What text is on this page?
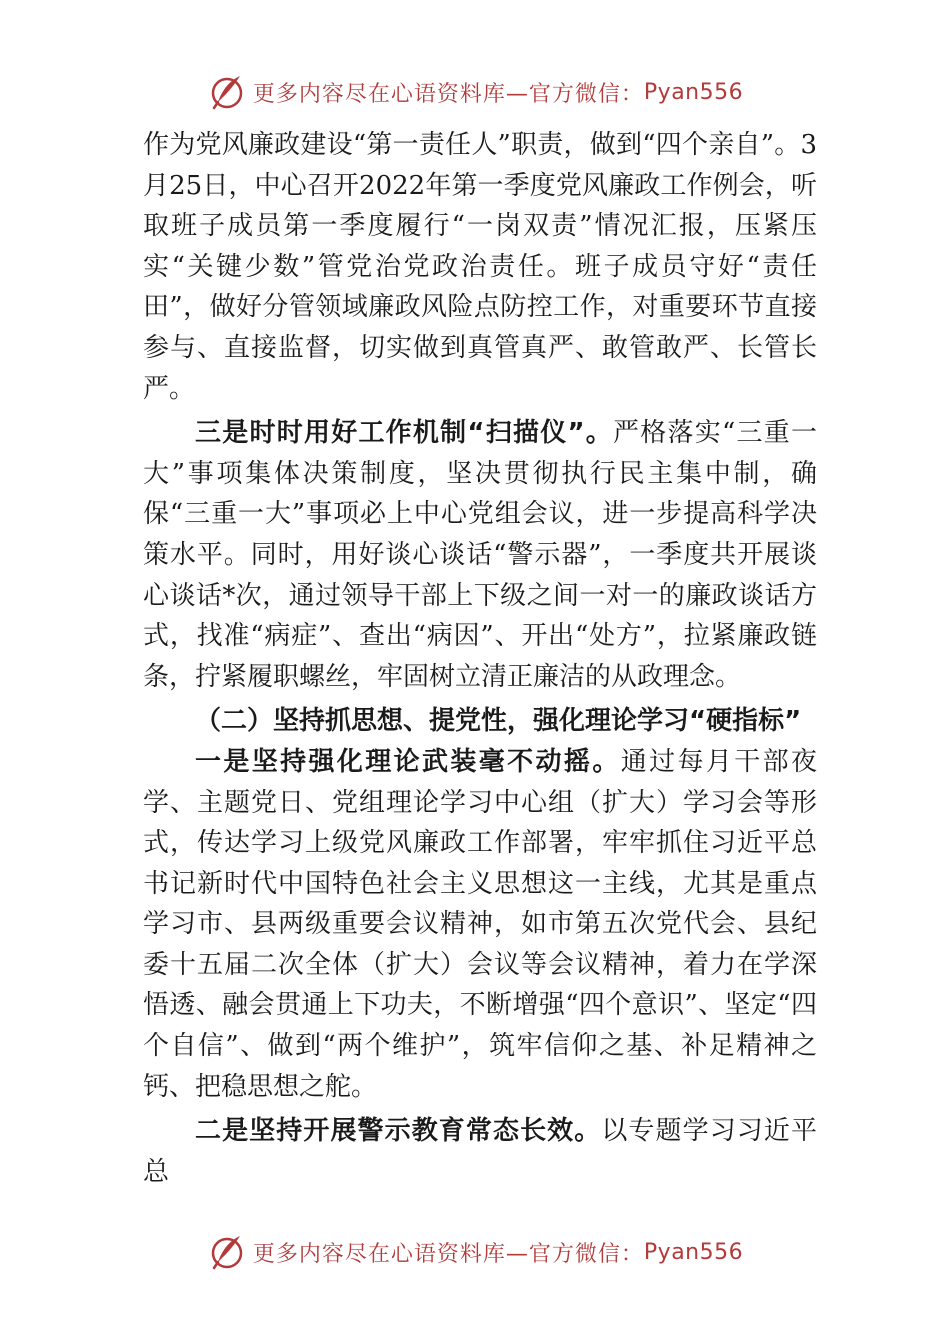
更多内容尽在心语资料库—官方微信： Pyan556

作为党风廉政建设“第一责任人”职责，做到“四个亲自”。3月25日，中心召开2022年第一季度党风廉政工作例会，听取班子成员第一季度履行“一岗双责”情况汇报，压紧压实“关键少数”管党治党政治责任。班子成员守好“责任田”，做好分管领域廉政风险点防控工作，对重要环节直接参与、直接监督，切实做到真管真严、敢管敢严、长管长严。

三是时时用好工作机制“扫描仪”。严格落实“三重一大”事项集体决策制度，坚决贯彻执行民主集中制，确保“三重一大”事项必上中心党组会议，进一步提高科学决策水平。同时，用好谈心谈话“警示器”，一季度共开展谈心谈话*次，通过领导干部上下级之间一对一的廉政谈话方式，找准“病症”、查出“病因”、开出“处方”，拉紧廉政链条，拧紧履职螺丝，牢固树立清正廉洁的从政理念。

（二）坚持抓思想、提党性，强化理论学习“硬指标”

一是坚持强化理论武装毫不动摇。通过每月干部夜学、主题党日、党组理论学习中心组（扩大）学习会等形式，传达学习上级党风廉政工作部署，牢牢抓住习近平总书记新时代中国特色社会主义思想这一主线，尤其是重点学习市、县两级重要会议精神，如市第五次党代会、县纪委十五届二次全体（扩大）会议等会议精神，着力在学深悟透、融会贯通上下功夫，不断增强“四个意识”、坚定“四个自信”、做到“两个维护”，筑牢信仰之基、补足精神之钙、把稳思想之舵。

二是坚持开展警示教育常态长效。以专题学习习近平总

更多内容尽在心语资料库—官方微信： Pyan556
